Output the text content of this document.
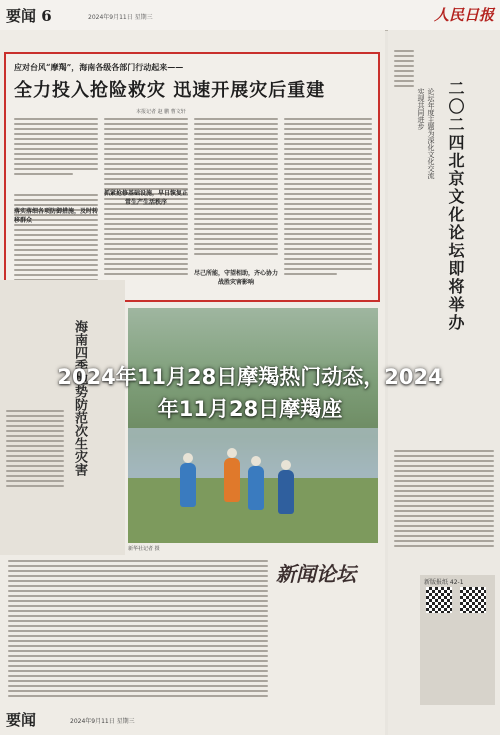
要闻 6	2024年9月11日 星期三	人民日报
应对台风“摩羯”，海南各级各部门行动起来——
全力投入抢险救灾 迅速开展灾后重建
本报记者 赵 鹏 曹文轩
落实落细各项防御措施，及时转移群众
抓紧抢修基础设施，早日恢复正常生产生活秩序
尽己所能，守望相助，齐心协力战胜灾害影响
海南四季地势防范次生灾害
新华社记者 摄
二〇二四北京文化论坛即将举办
论坛年度主题为深化文化交流
实现共同进步
新闻论坛	新版报纸 42-1
要闻	2024年9月11日 星期三
2024年11月28日摩羯热门动态，2024年11月28日摩羯座
